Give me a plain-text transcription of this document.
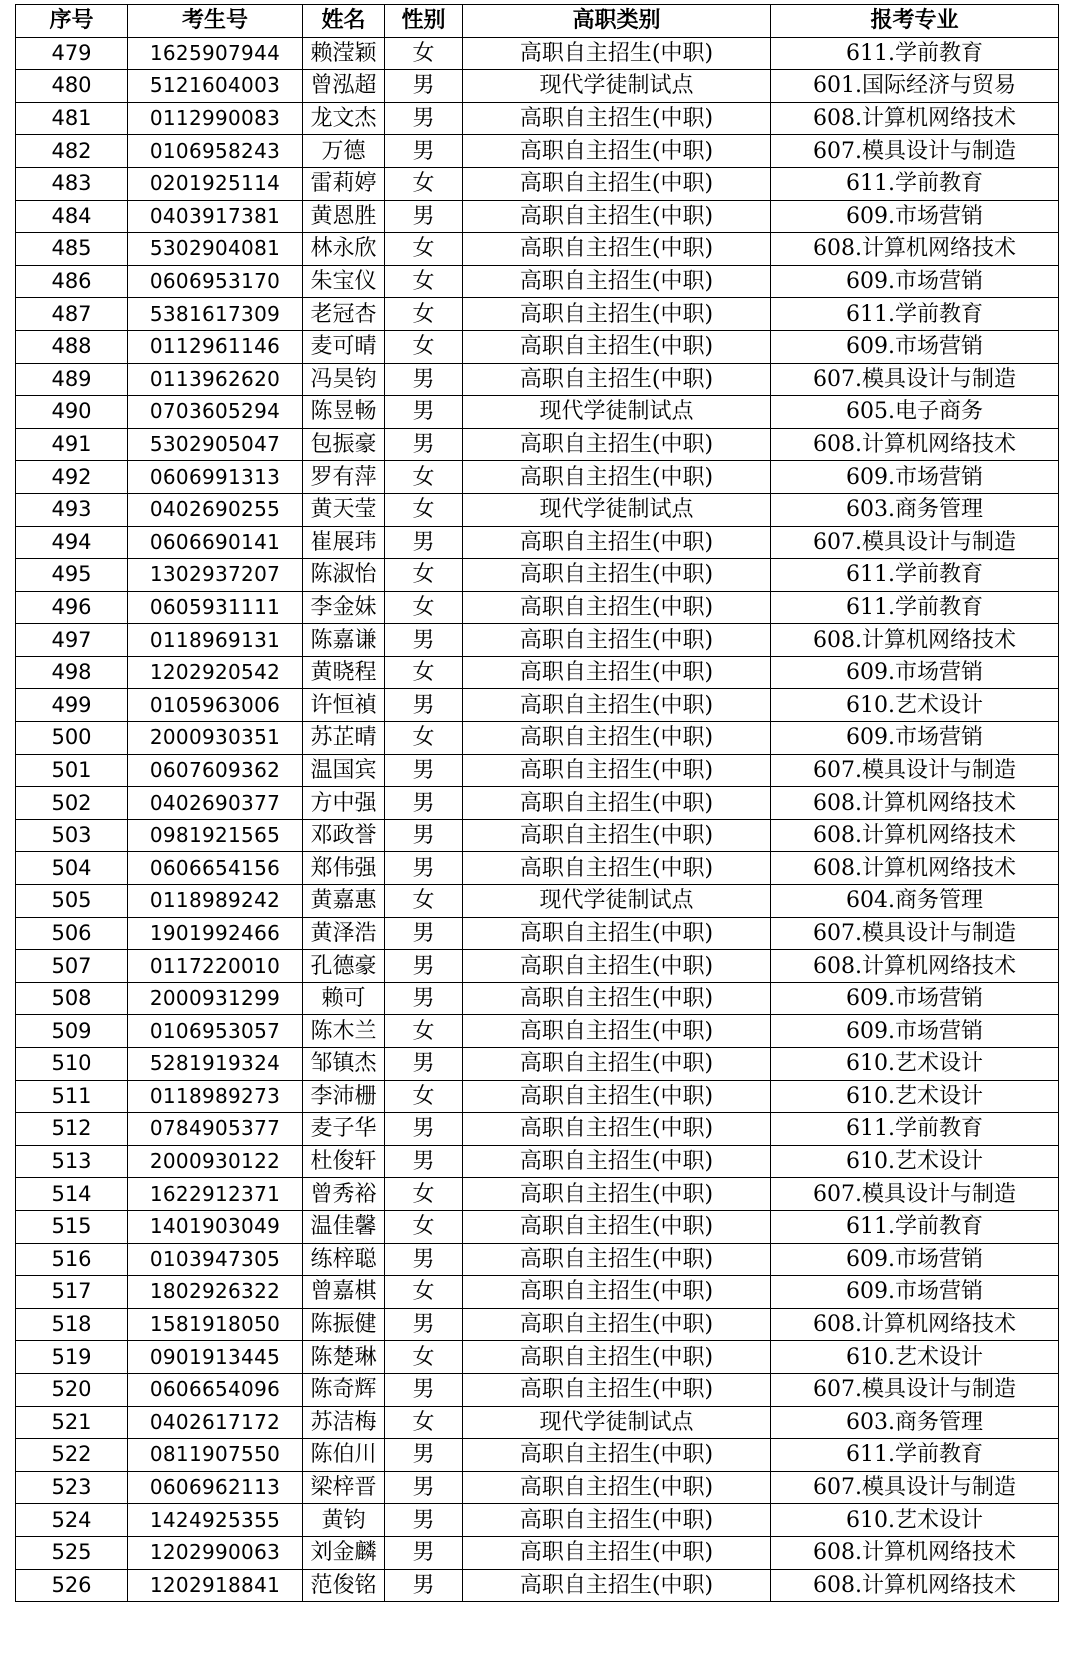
序号	考生号	姓名	性别	高职类别	报考专业
479	1625907944	赖滢颖	女	高职自主招生(中职)	611.学前教育
480	5121604003	曾泓超	男	现代学徒制试点	601.国际经济与贸易
481	0112990083	龙文杰	男	高职自主招生(中职)	608.计算机网络技术
482	0106958243	万德	男	高职自主招生(中职)	607.模具设计与制造
483	0201925114	雷莉婷	女	高职自主招生(中职)	611.学前教育
484	0403917381	黄恩胜	男	高职自主招生(中职)	609.市场营销
485	5302904081	林永欣	女	高职自主招生(中职)	608.计算机网络技术
486	0606953170	朱宝仪	女	高职自主招生(中职)	609.市场营销
487	5381617309	老冠杏	女	高职自主招生(中职)	611.学前教育
488	0112961146	麦可晴	女	高职自主招生(中职)	609.市场营销
489	0113962620	冯昊钧	男	高职自主招生(中职)	607.模具设计与制造
490	0703605294	陈昱畅	男	现代学徒制试点	605.电子商务
491	5302905047	包振豪	男	高职自主招生(中职)	608.计算机网络技术
492	0606991313	罗有萍	女	高职自主招生(中职)	609.市场营销
493	0402690255	黄天莹	女	现代学徒制试点	603.商务管理
494	0606690141	崔展玮	男	高职自主招生(中职)	607.模具设计与制造
495	1302937207	陈淑怡	女	高职自主招生(中职)	611.学前教育
496	0605931111	李金妹	女	高职自主招生(中职)	611.学前教育
497	0118969131	陈嘉谦	男	高职自主招生(中职)	608.计算机网络技术
498	1202920542	黄晓程	女	高职自主招生(中职)	609.市场营销
499	0105963006	许恒禎	男	高职自主招生(中职)	610.艺术设计
500	2000930351	苏芷晴	女	高职自主招生(中职)	609.市场营销
501	0607609362	温国宾	男	高职自主招生(中职)	607.模具设计与制造
502	0402690377	方中强	男	高职自主招生(中职)	608.计算机网络技术
503	0981921565	邓政誉	男	高职自主招生(中职)	608.计算机网络技术
504	0606654156	郑伟强	男	高职自主招生(中职)	608.计算机网络技术
505	0118989242	黄嘉惠	女	现代学徒制试点	604.商务管理
506	1901992466	黄泽浩	男	高职自主招生(中职)	607.模具设计与制造
507	0117220010	孔德豪	男	高职自主招生(中职)	608.计算机网络技术
508	2000931299	赖可	男	高职自主招生(中职)	609.市场营销
509	0106953057	陈木兰	女	高职自主招生(中职)	609.市场营销
510	5281919324	邹镇杰	男	高职自主招生(中职)	610.艺术设计
511	0118989273	李沛栅	女	高职自主招生(中职)	610.艺术设计
512	0784905377	麦子华	男	高职自主招生(中职)	611.学前教育
513	2000930122	杜俊轩	男	高职自主招生(中职)	610.艺术设计
514	1622912371	曾秀裕	女	高职自主招生(中职)	607.模具设计与制造
515	1401903049	温佳馨	女	高职自主招生(中职)	611.学前教育
516	0103947305	练梓聪	男	高职自主招生(中职)	609.市场营销
517	1802926322	曾嘉棋	女	高职自主招生(中职)	609.市场营销
518	1581918050	陈振健	男	高职自主招生(中职)	608.计算机网络技术
519	0901913445	陈楚琳	女	高职自主招生(中职)	610.艺术设计
520	0606654096	陈奇辉	男	高职自主招生(中职)	607.模具设计与制造
521	0402617172	苏洁梅	女	现代学徒制试点	603.商务管理
522	0811907550	陈伯川	男	高职自主招生(中职)	611.学前教育
523	0606962113	梁梓晋	男	高职自主招生(中职)	607.模具设计与制造
524	1424925355	黄钧	男	高职自主招生(中职)	610.艺术设计
525	1202990063	刘金麟	男	高职自主招生(中职)	608.计算机网络技术
526	1202918841	范俊铭	男	高职自主招生(中职)	608.计算机网络技术
